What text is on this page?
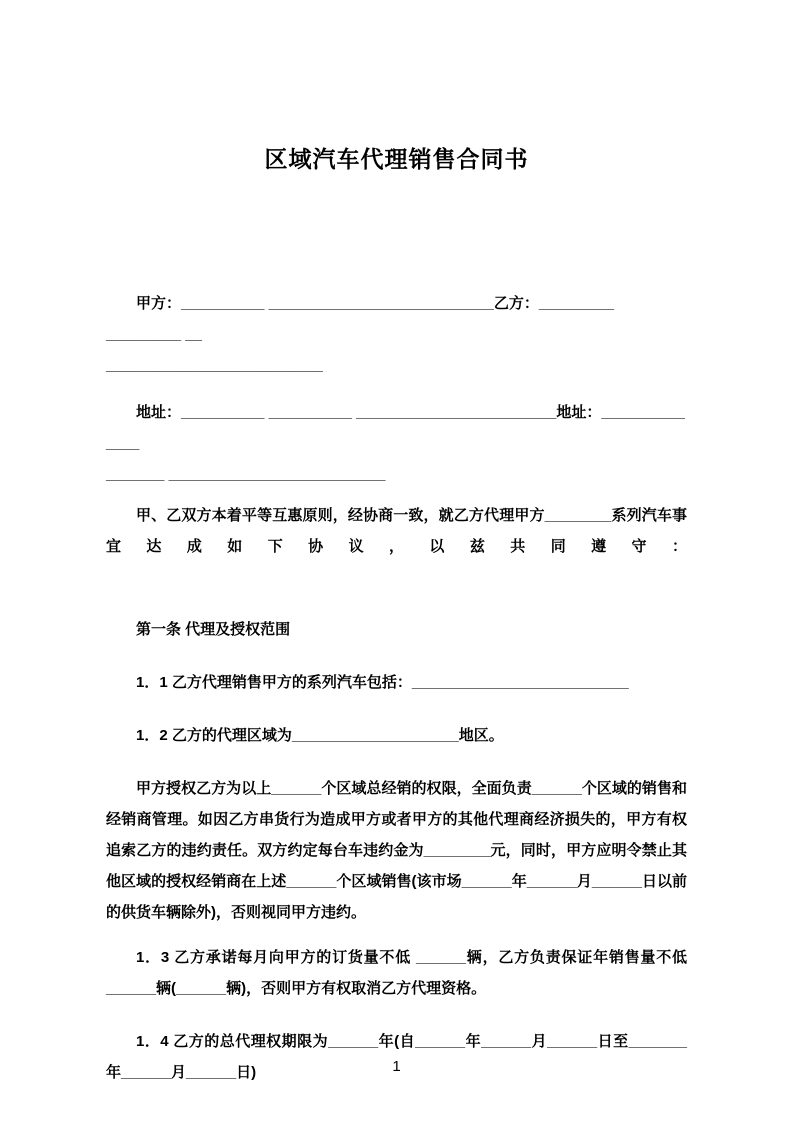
区域汽车代理销售合同书

甲方：__________ ___________________________乙方：_________ _________ __

__________________________

地址：__________ __________ ________________________地址：__________ ____

_______ __________________________

甲、乙双方本着平等互惠原则，经协商一致，就乙方代理甲方________系列汽车事宜达成如下协议，以兹共同遵守：

第一条 代理及授权范围

1．1 乙方代理销售甲方的系列汽车包括：__________________________

1．2 乙方的代理区域为____________________地区。

甲方授权乙方为以上______个区域总经销的权限，全面负责______个区域的销售和经销商管理。如因乙方串货行为造成甲方或者甲方的其他代理商经济损失的，甲方有权追索乙方的违约责任。双方约定每台车违约金为________元，同时，甲方应明令禁止其他区域的授权经销商在上述______个区域销售(该市场______年______月______日以前的供货车辆除外)，否则视同甲方违约。

1．3 乙方承诺每月向甲方的订货量不低 ______辆，乙方负责保证年销售量不低______辆(______辆)，否则甲方有权取消乙方代理资格。

1．4 乙方的总代理权期限为______年(自______年______月______日至_______年______月______日)	1
